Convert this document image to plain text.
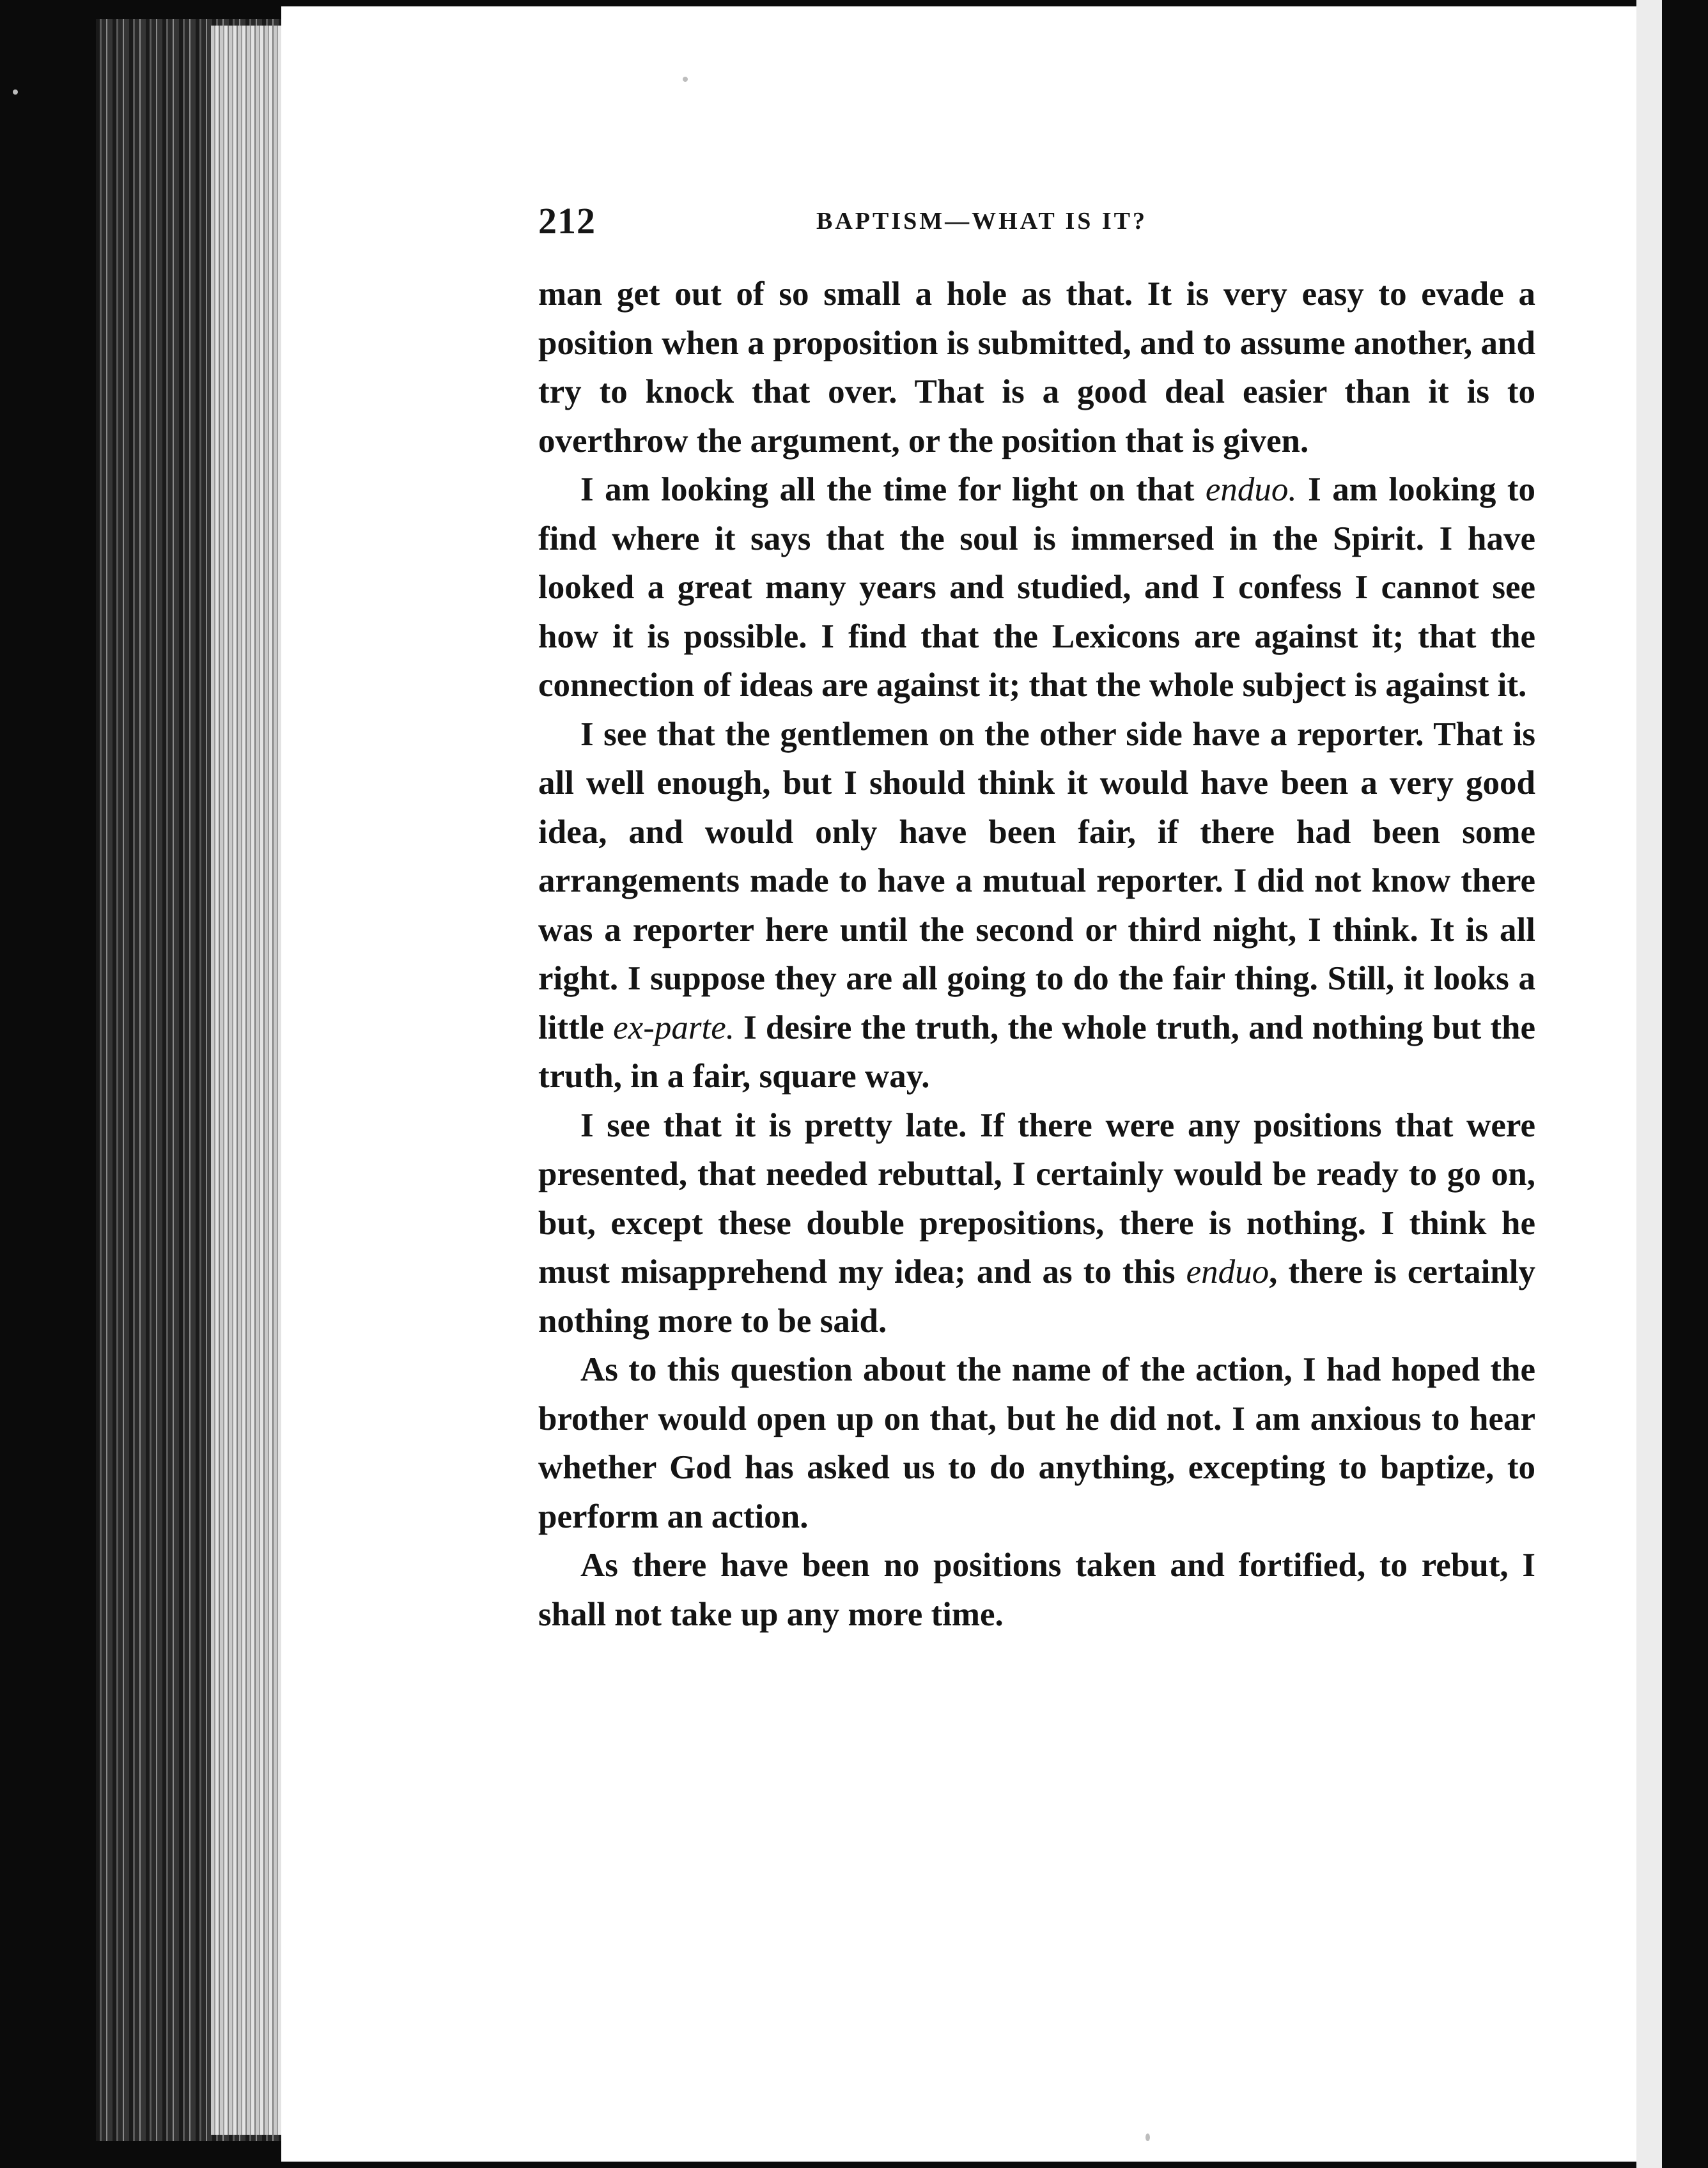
212	BAPTISM—WHAT IS IT?

man get out of so small a hole as that. It is very easy to evade a position when a proposition is submitted, and to assume another, and try to knock that over. That is a good deal easier than it is to overthrow the argument, or the position that is given.

I am looking all the time for light on that enduo. I am looking to find where it says that the soul is immersed in the Spirit. I have looked a great many years and studied, and I confess I cannot see how it is possible. I find that the Lexicons are against it; that the connection of ideas are against it; that the whole subject is against it.

I see that the gentlemen on the other side have a reporter. That is all well enough, but I should think it would have been a very good idea, and would only have been fair, if there had been some arrangements made to have a mutual reporter. I did not know there was a reporter here until the second or third night, I think. It is all right. I suppose they are all going to do the fair thing. Still, it looks a little ex-parte. I desire the truth, the whole truth, and nothing but the truth, in a fair, square way.

I see that it is pretty late. If there were any positions that were presented, that needed rebuttal, I certainly would be ready to go on, but, except these double prepositions, there is nothing. I think he must misapprehend my idea; and as to this enduo, there is certainly nothing more to be said.

As to this question about the name of the action, I had hoped the brother would open up on that, but he did not. I am anxious to hear whether God has asked us to do anything, excepting to baptize, to perform an action.

As there have been no positions taken and fortified, to rebut, I shall not take up any more time.
